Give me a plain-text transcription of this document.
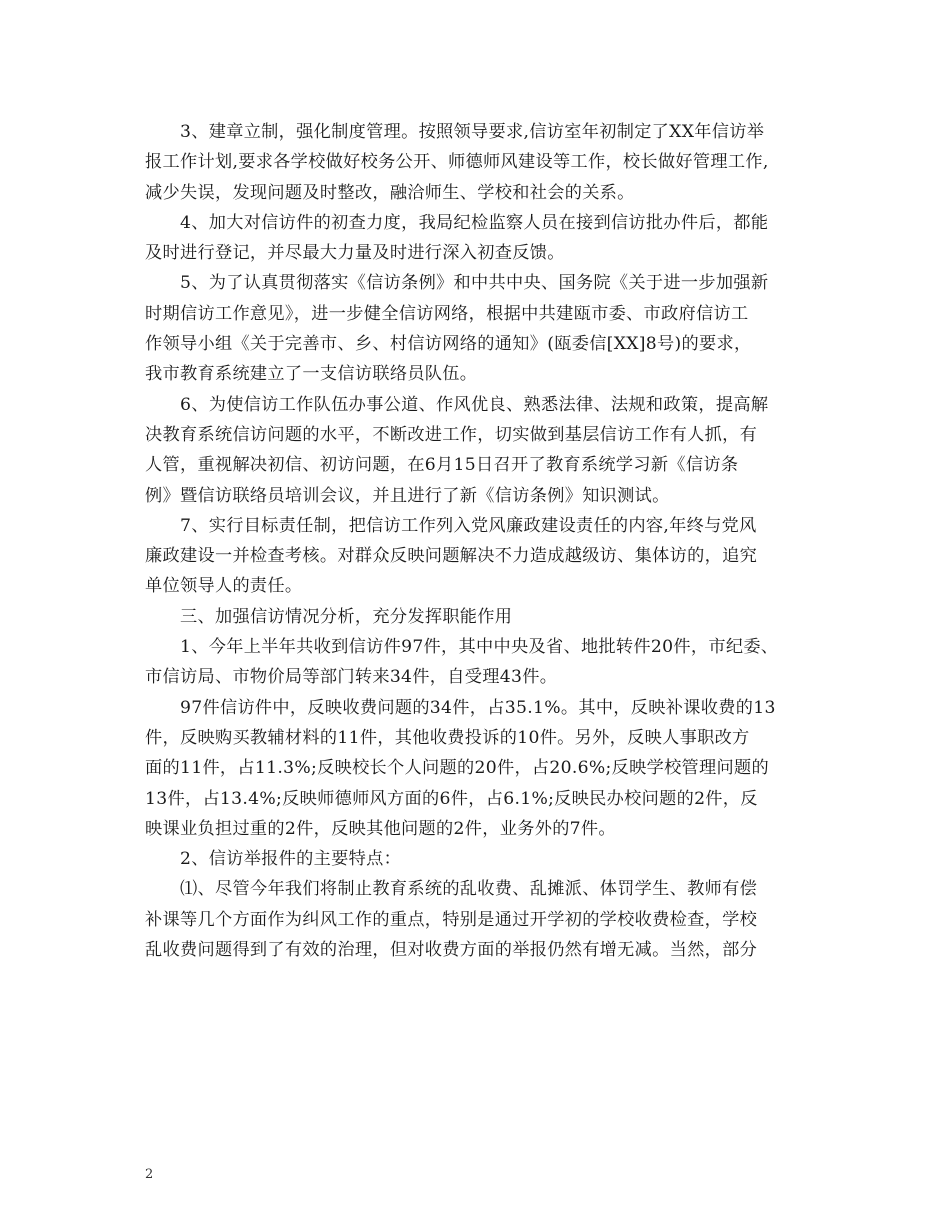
3、建章立制，强化制度管理。按照领导要求,信访室年初制定了XX年信访举
报工作计划,要求各学校做好校务公开、师德师风建设等工作，校长做好管理工作,
减少失误，发现问题及时整改，融洽师生、学校和社会的关系。

4、加大对信访件的初查力度，我局纪检监察人员在接到信访批办件后，都能
及时进行登记，并尽最大力量及时进行深入初查反馈。

5、为了认真贯彻落实《信访条例》和中共中央、国务院《关于进一步加强新
时期信访工作意见》，进一步健全信访网络，根据中共建瓯市委、市政府信访工
作领导小组《关于完善市、乡、村信访网络的通知》(瓯委信[XX]8号)的要求，
我市教育系统建立了一支信访联络员队伍。

6、为使信访工作队伍办事公道、作风优良、熟悉法律、法规和政策，提高解
决教育系统信访问题的水平，不断改进工作，切实做到基层信访工作有人抓，有
人管，重视解决初信、初访问题，在6月15日召开了教育系统学习新《信访条
例》暨信访联络员培训会议，并且进行了新《信访条例》知识测试。

7、实行目标责任制，把信访工作列入党风廉政建设责任的内容,年终与党风
廉政建设一并检查考核。对群众反映问题解决不力造成越级访、集体访的，追究
单位领导人的责任。

三、加强信访情况分析，充分发挥职能作用

1、今年上半年共收到信访件97件，其中中央及省、地批转件20件，市纪委、
市信访局、市物价局等部门转来34件，自受理43件。

97件信访件中，反映收费问题的34件，占35.1%。其中，反映补课收费的13
件，反映购买教辅材料的11件，其他收费投诉的10件。另外，反映人事职改方
面的11件，占11.3%;反映校长个人问题的20件，占20.6%;反映学校管理问题的
13件，占13.4%;反映师德师风方面的6件，占6.1%;反映民办校问题的2件，反
映课业负担过重的2件，反映其他问题的2件，业务外的7件。

2、信访举报件的主要特点：

⑴、尽管今年我们将制止教育系统的乱收费、乱摊派、体罚学生、教师有偿
补课等几个方面作为纠风工作的重点，特别是通过开学初的学校收费检查，学校
乱收费问题得到了有效的治理，但对收费方面的举报仍然有增无减。当然，部分

2
